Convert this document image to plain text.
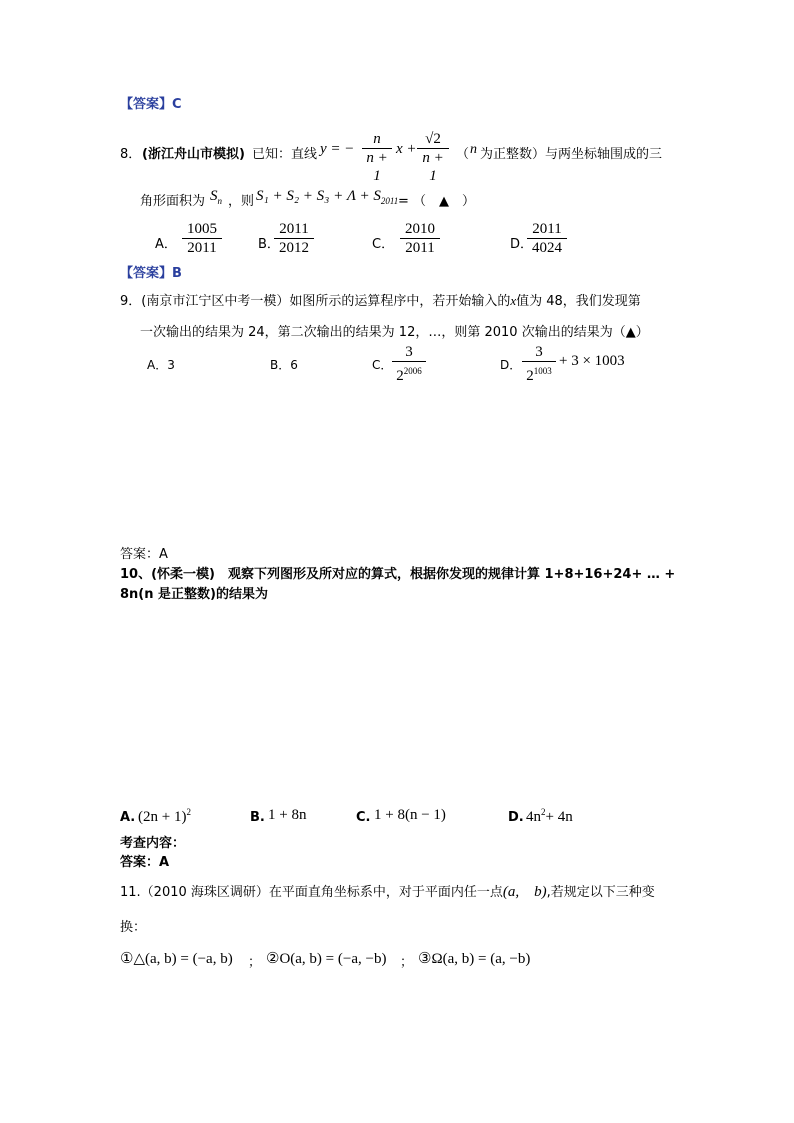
【答案】C
8． (浙江舟山市模拟) 已知：直线 y = − $\frac{n}{n + 1}$ $x + \frac{√2}{n + 1}$ （ n 为正整数）与两坐标轴围成的三
角形面积为 $S_n$ ，则 $S_1 + S_2 + S_3 + \Lambda + S_{2011}$ = （　▲　）
A． $\frac{1005}{2011}$	B．
$\frac{2011}{2012}$	C． $\frac{2010}{2011}$	D．
$\frac{2011}{4024}$
【答案】B
9．(南京市江宁区中考一模）如图所示的运算程序中，若开始输入的x值为 48，我们发现第
一次输出的结果为 24，第二次输出的结果为 12，…，则第 2010 次输出的结果为（▲）
A．3	B．6	C． $\frac{3}{2^{2006}}$	D． $\frac{3}{2^{1003}} + 3 \times 1003$
答案：A
10、(怀柔一模)　观察下列图形及所对应的算式，根据你发现的规律计算 1+8+16+24+ … +
8n(n 是正整数)的结果为
A. $(2n + 1)^2$	B. 1 + 8n	C. 1 + 8(n − 1)	D. $4n^2+ 4n$
考查内容：
答案：A
11.（2010 海珠区调研）在平面直角坐标系中，对于平面内任一点(a,　b),若规定以下三种变
换：
①△(a, b) = (−a, b) ； ②O(a, b) = (−a, −b) ； ③Ω(a, b) = (a, −b)
